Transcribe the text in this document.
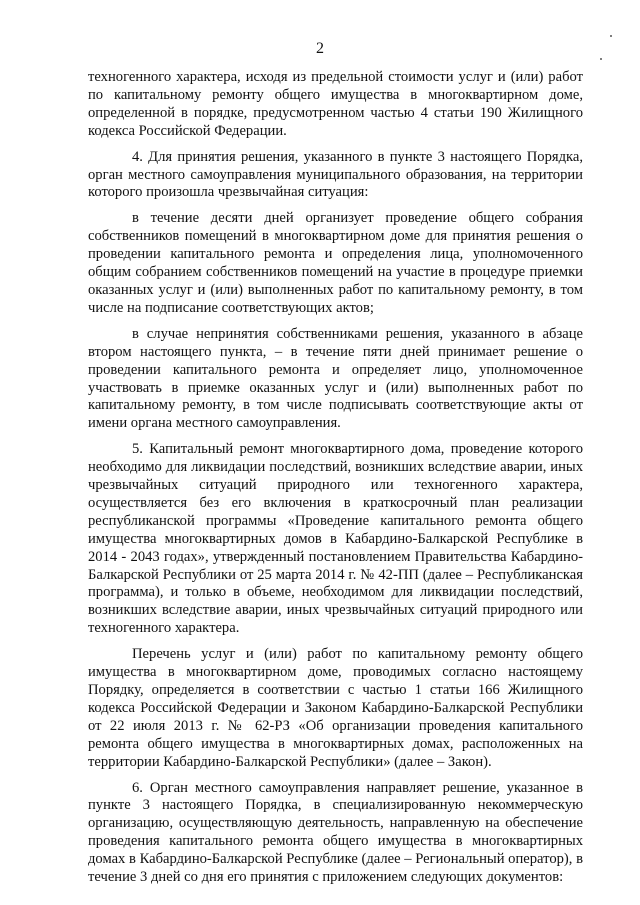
2

техногенного характера, исходя из предельной стоимости услуг и (или) работ по капитальному ремонту общего имущества в многоквартирном доме, определенной в порядке, предусмотренном частью 4 статьи 190 Жилищного кодекса Российской Федерации.

4. Для принятия решения, указанного в пункте 3 настоящего Порядка, орган местного самоуправления муниципального образования, на территории которого произошла чрезвычайная ситуация:

в течение десяти дней организует проведение общего собрания собственников помещений в многоквартирном доме для принятия решения о проведении капитального ремонта и определения лица, уполномоченного общим собранием собственников помещений на участие в процедуре приемки оказанных услуг и (или) выполненных работ по капитальному ремонту, в том числе на подписание соответствующих актов;

в случае непринятия собственниками решения, указанного в абзаце втором настоящего пункта, – в течение пяти дней принимает решение о проведении капитального ремонта и определяет лицо, уполномоченное участвовать в приемке оказанных услуг и (или) выполненных работ по капитальному ремонту, в том числе подписывать соответствующие акты от имени органа местного самоуправления.

5. Капитальный ремонт многоквартирного дома, проведение которого необходимо для ликвидации последствий, возникших вследствие аварии, иных чрезвычайных ситуаций природного или техногенного характера, осуществляется без его включения в краткосрочный план реализации республиканской программы «Проведение капитального ремонта общего имущества многоквартирных домов в Кабардино-Балкарской Республике в 2014 - 2043 годах», утвержденный постановлением Правительства Кабардино-Балкарской Республики от 25 марта 2014 г. № 42-ПП (далее – Республиканская программа), и только в объеме, необходимом для ликвидации последствий, возникших вследствие аварии, иных чрезвычайных ситуаций природного или техногенного характера.

Перечень услуг и (или) работ по капитальному ремонту общего имущества в многоквартирном доме, проводимых согласно настоящему Порядку, определяется в соответствии с частью 1 статьи 166 Жилищного кодекса Российской Федерации и Законом Кабардино-Балкарской Республики от 22 июля 2013 г. № 62-РЗ «Об организации проведения капитального ремонта общего имущества в многоквартирных домах, расположенных на территории Кабардино-Балкарской Республики» (далее – Закон).

6. Орган местного самоуправления направляет решение, указанное в пункте 3 настоящего Порядка, в специализированную некоммерческую организацию, осуществляющую деятельность, направленную на обеспечение проведения капитального ремонта общего имущества в многоквартирных домах в Кабардино-Балкарской Республике (далее – Региональный оператор), в течение 3 дней со дня его принятия с приложением следующих документов:
